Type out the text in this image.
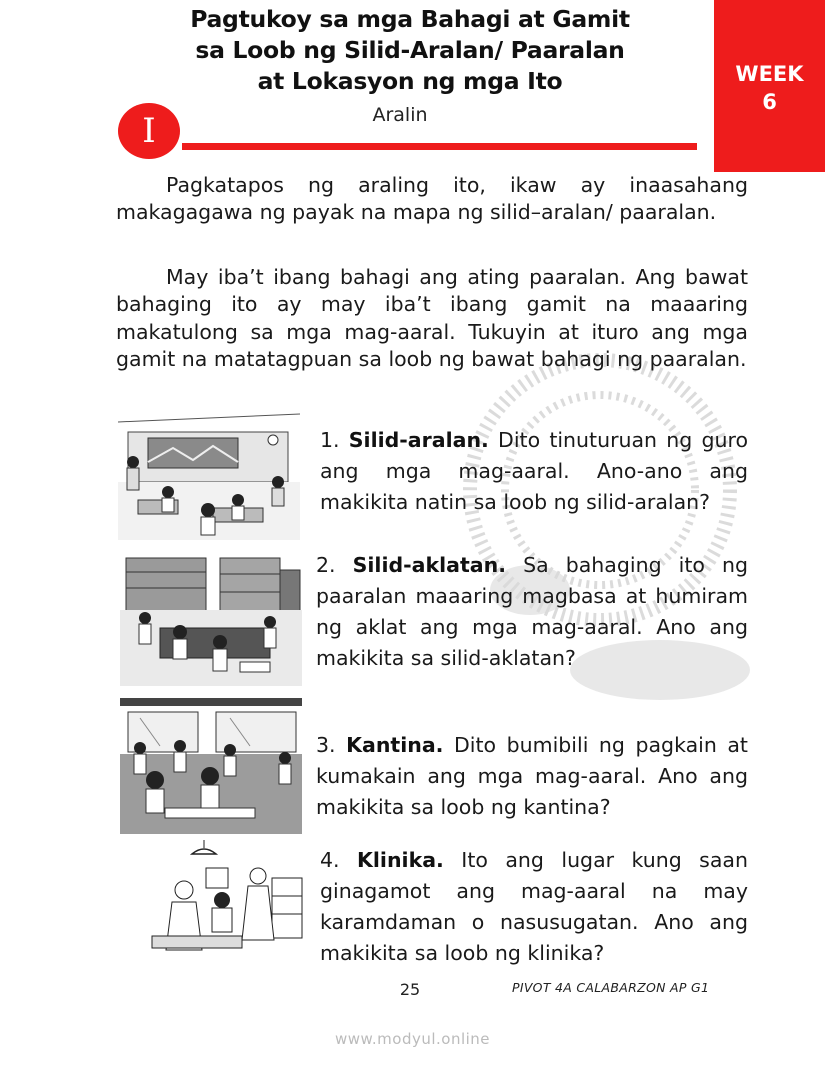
Pagtukoy sa mga Bahagi at Gamit
sa Loob ng Silid-Aralan/ Paaralan
at Lokasyon ng mga Ito	WEEK
6
I	Aralin

Pagkatapos ng araling ito, ikaw ay inaasahang makagagawa ng payak na mapa ng silid–aralan/ paaralan.

May iba’t ibang bahagi ang ating paaralan. Ang bawat bahaging ito ay may iba’t ibang gamit na maaaring makatulong sa mga mag-aaral. Tukuyin at ituro ang mga gamit na matatagpuan sa loob ng bawat bahagi ng paaralan.

1. Silid-aralan. Dito tinuturuan ng guro ang mga mag-aaral. Ano-ano ang makikita natin sa loob ng silid-aralan?
2. Silid-aklatan. Sa bahaging ito ng paaralan maaaring magbasa at humiram ng aklat ang mga mag-aaral. Ano ang makikita sa silid-aklatan?
3. Kantina. Dito bumibili ng pagkain at kumakain ang mga mag-aaral. Ano ang makikita sa loob ng kantina?
4. Klinika. Ito ang lugar kung saan ginagamot ang mag-aaral na may karamdaman o nasusugatan. Ano ang makikita sa loob ng klinika?
25	PIVOT 4A CALABARZON AP G1
www.modyul.online
